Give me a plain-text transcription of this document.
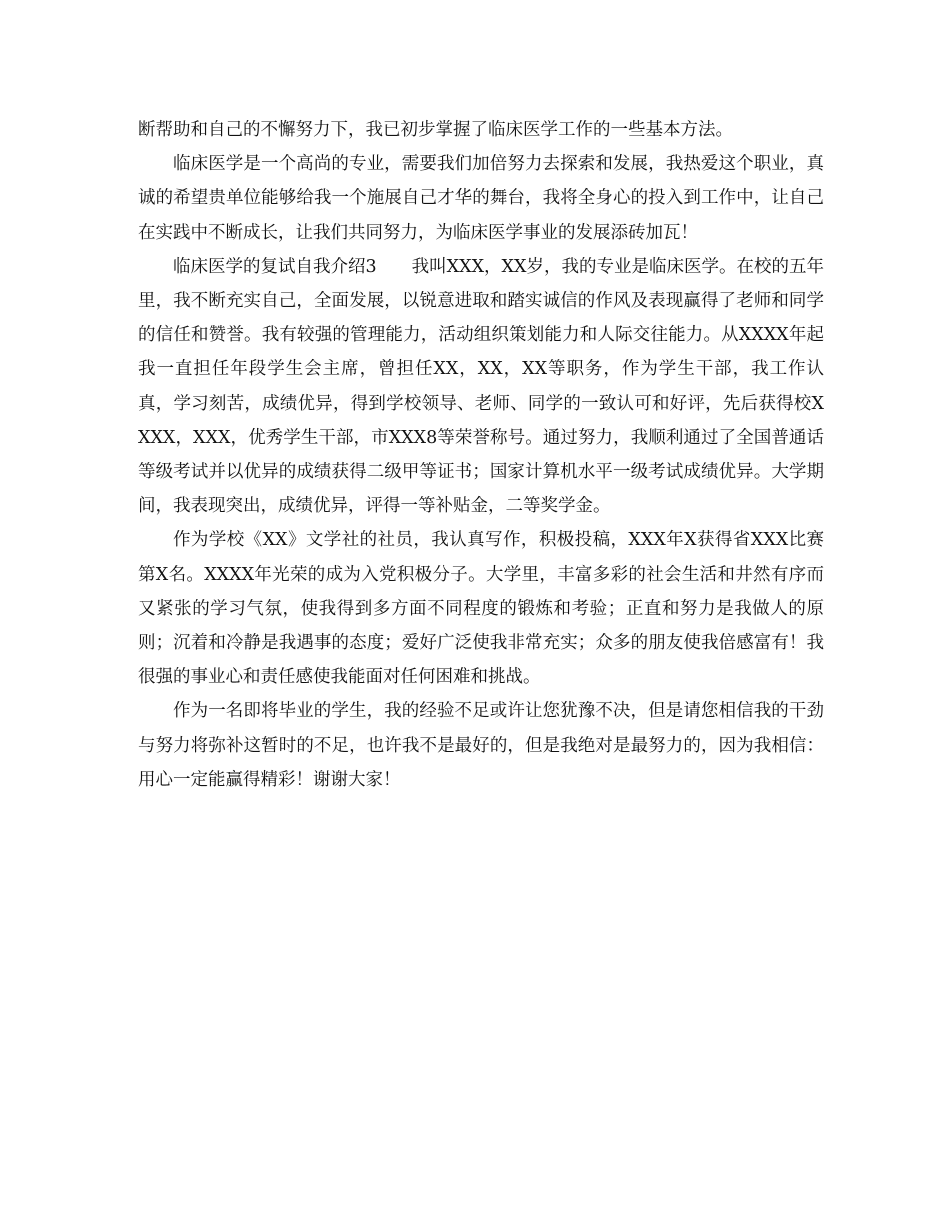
断帮助和自己的不懈努力下，我已初步掌握了临床医学工作的一些基本方法。

临床医学是一个高尚的专业，需要我们加倍努力去探索和发展，我热爱这个职业，真诚的希望贵单位能够给我一个施展自己才华的舞台，我将全身心的投入到工作中，让自己在实践中不断成长，让我们共同努力，为临床医学事业的发展添砖加瓦！

临床医学的复试自我介绍3　　我叫XXX，XX岁，我的专业是临床医学。在校的五年里，我不断充实自己，全面发展，以锐意进取和踏实诚信的作风及表现赢得了老师和同学的信任和赞誉。我有较强的管理能力，活动组织策划能力和人际交往能力。从XXXX年起我一直担任年段学生会主席，曾担任XX，XX，XX等职务，作为学生干部，我工作认真，学习刻苦，成绩优异，得到学校领导、老师、同学的一致认可和好评，先后获得校XXXX，XXX，优秀学生干部，市XXX8等荣誉称号。通过努力，我顺利通过了全国普通话等级考试并以优异的成绩获得二级甲等证书；国家计算机水平一级考试成绩优异。大学期间，我表现突出，成绩优异，评得一等补贴金，二等奖学金。

作为学校《XX》文学社的社员，我认真写作，积极投稿，XXX年X获得省XXX比赛第X名。XXXX年光荣的成为入党积极分子。大学里，丰富多彩的社会生活和井然有序而又紧张的学习气氛，使我得到多方面不同程度的锻炼和考验；正直和努力是我做人的原则；沉着和冷静是我遇事的态度；爱好广泛使我非常充实；众多的朋友使我倍感富有！我很强的事业心和责任感使我能面对任何困难和挑战。

作为一名即将毕业的学生，我的经验不足或许让您犹豫不决，但是请您相信我的干劲与努力将弥补这暂时的不足，也许我不是最好的，但是我绝对是最努力的，因为我相信：用心一定能赢得精彩！谢谢大家！
